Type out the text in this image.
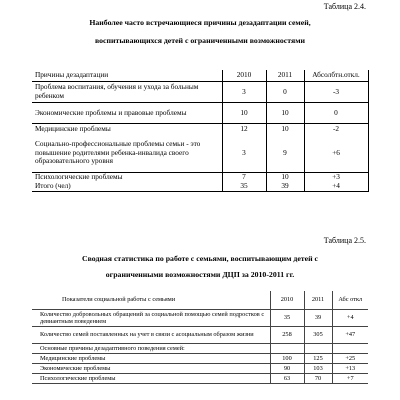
Таблица 2.4.
Наиболее часто встречающиеся причины дезадаптации семей,
воспитывающихся детей с ограниченными возможностями
Причины дезадаптации	2010	2011	Абсолбтн.откл.
Проблема воспитания, обучения и ухода за больным ребенком	3	0	-3
Экономические проблемы и правовые проблемы	10	10	0
Медицинские проблемы	12	10	-2
Социально-профессиональные проблемы семьи - это повышение родителями ребенка-инвалида своего образовательного уровня	3	9	+6
Психологические проблемы	7	10	+3
Итого (чел)	35	39	+4
Таблица 2.5.
Сводная статистика по работе с семьями, воспитывающим детей с
ограниченными возможностями ДЦП за 2010-2011 гг.
Показатели социальной работы с семьями	2010	2011	Абс откл
Количество добровольных обращений за социальной помощью семей подростков с девиантным поведением	35	39	+4
Количество семей поставленных на учет в связи с асоциальным образом жизни	258	305	+47
Основные причины дезадаптивного поведения семей:			
Медицинские проблемы	100	125	+25
Экономические проблемы	90	103	+13
Психологические проблемы	63	70	+7
